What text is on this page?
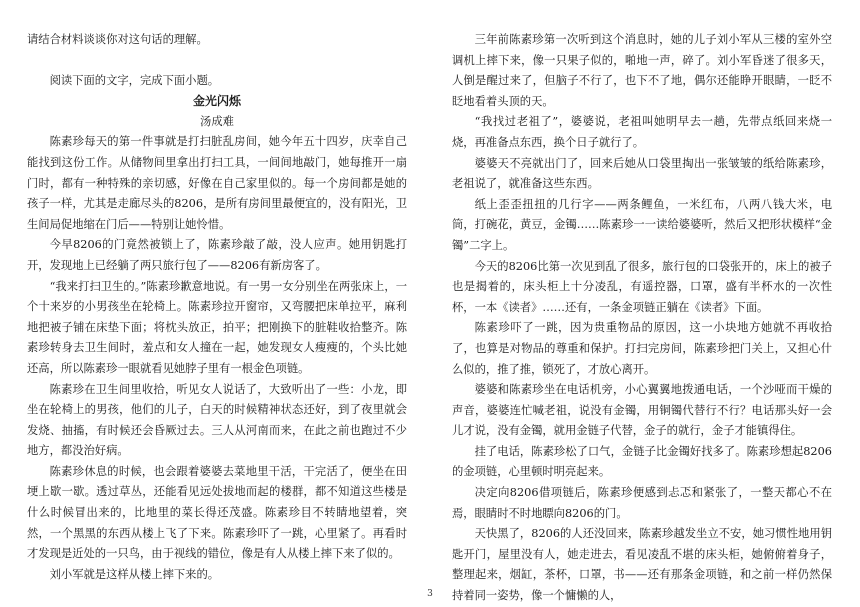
请结合材料谈谈你对这句话的理解。

阅读下面的文字，完成下面小题。

金光闪烁

汤成难

陈素珍每天的第一件事就是打扫脏乱房间，她今年五十四岁，庆幸自己能找到这份工作。从储物间里拿出打扫工具，一间间地敲门，她每推开一扇门时，都有一种特殊的亲切感，好像在自己家里似的。每一个房间都是她的孩子一样，尤其是走廊尽头的8206，是所有房间里最便宜的，没有阳光，卫生间局促地缩在门后——特别让她怜惜。

今早8206的门竟然被锁上了，陈素珍敲了敲，没人应声。她用钥匙打开，发现地上已经躺了两只旅行包了——8206有新房客了。

“我来打扫卫生的。”陈素珍歉意地说。有一男一女分别坐在两张床上，一个十来岁的小男孩坐在轮椅上。陈素珍拉开窗帘，又弯腰把床单拉平，麻利地把被子铺在床垫下面；将枕头放正，拍平；把刚换下的脏鞋收拾整齐。陈素珍转身去卫生间时，羞点和女人撞在一起，她发现女人瘦瘦的，个头比她还高，所以陈素珍一眼就看见她脖子里有一根金色项链。

陈素珍在卫生间里收拾，听见女人说话了，大致听出了一些：小龙，即坐在轮椅上的男孩，他们的儿子，白天的时候精神状态还好，到了夜里就会发烧、抽搐，有时候还会昏厥过去。三人从河南而来，在此之前也跑过不少地方，都没治好病。

陈素珍休息的时候，也会跟着婆婆去菜地里干活，干完活了，便坐在田埂上歇一歇。透过草丛，还能看见远处拔地而起的楼群，都不知道这些楼是什么时候冒出来的，比地里的菜长得还茂盛。陈素珍目不转睛地望着，突然，一个黑黑的东西从楼上飞了下来。陈素珍吓了一跳，心里紧了。再看时才发现是近处的一只鸟，由于视线的错位，像是有人从楼上摔下来了似的。

刘小军就是这样从楼上摔下来的。

三年前陈素珍第一次听到这个消息时，她的儿子刘小军从三楼的室外空调机上摔下来，像一只果子似的，啪地一声，碎了。刘小军昏迷了很多天，人倒是醒过来了，但脑子不行了，也下不了地，偶尔还能睁开眼睛，一眨不眨地看着头顶的天。

“我找过老祖了”，婆婆说，老祖叫她明早去一趟，先带点纸回来烧一烧，再准备点东西，换个日子就行了。

婆婆天不亮就出门了，回来后她从口袋里掏出一张皱皱的纸给陈素珍，老祖说了，就准备这些东西。

纸上歪歪扭扭的几行字——两条鲤鱼，一米红布，八两八钱大米，电筒，打碗花，黄豆，金镯……陈素珍一一读给婆婆听，然后又把形状模样“金镯”二字上。

今天的8206比第一次见到乱了很多，旅行包的口袋张开的，床上的被子也是揭着的，床头柜上十分凌乱，有遥控器，口罩，盛有半杯水的一次性杯，一本《读者》……还有，一条金项链正躺在《读者》下面。

陈素珍吓了一跳，因为贵重物品的原因，这一小块地方她就不再收拾了，也算是对物品的尊重和保护。打扫完房间，陈素珍把门关上，又担心什么似的，推了推，锁死了，才放心离开。

婆婆和陈素珍坐在电话机旁，小心翼翼地拨通电话，一个沙哑而干燥的声音，婆婆连忙喊老祖，说没有金镯，用铜镯代替行不行？电话那头好一会儿才说，没有金镯，就用金链子代替，金子的就行，金子才能镇得住。

挂了电话，陈素珍松了口气，金链子比金镯好找多了。陈素珍想起8206的金项链，心里顿时明亮起来。

决定向8206借项链后，陈素珍便感到忐忑和紧张了，一整天都心不在焉，眼睛时不时地瞟向8206的门。

天快黑了，8206的人还没回来，陈素珍越发坐立不安，她习惯性地用钥匙开门，屋里没有人，她走进去，看见凌乱不堪的床头柜，她俯俯着身子，整理起来，烟缸，茶杯，口罩，书——还有那条金项链，和之前一样仍然保持着同一姿势，像一个慵懒的人，

3
